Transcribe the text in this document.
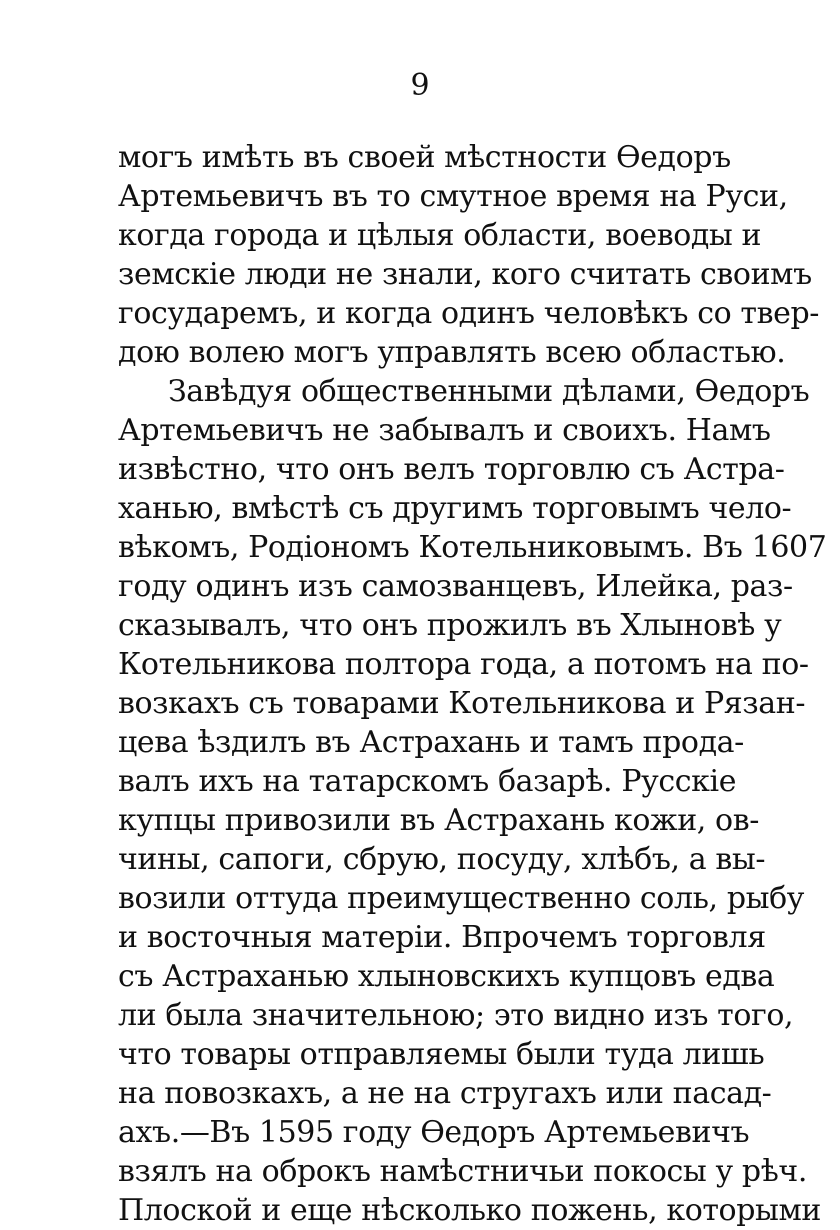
9
могъ имѣть въ своей мѣстности Ѳедоръ
Артемьевичъ въ то смутное время на Руси,
когда города и цѣлыя области, воеводы и
земскіе люди не знали, кого считать своимъ
государемъ, и когда одинъ человѣкъ со твер-
дою волею могъ управлять всею областью.
Завѣдуя общественными дѣлами, Ѳедоръ
Артемьевичъ не забывалъ и своихъ. Намъ
извѣстно, что онъ велъ торговлю съ Астра-
ханью, вмѣстѣ съ другимъ торговымъ чело-
вѣкомъ, Родіономъ Котельниковымъ. Въ 1607
году одинъ изъ самозванцевъ, Илейка, раз-
сказывалъ, что онъ прожилъ въ Хлыновѣ у
Котельникова полтора года, а потомъ на по-
возкахъ съ товарами Котельникова и Рязан-
цева ѣздилъ въ Астрахань и тамъ прода-
валъ ихъ на татарскомъ базарѣ. Русскіе
купцы привозили въ Астрахань кожи, ов-
чины, сапоги, сбрую, посуду, хлѣбъ, а вы-
возили оттуда преимущественно соль, рыбу
и восточныя матеріи. Впрочемъ торговля
съ Астраханью хлыновскихъ купцовъ едва
ли была значительною; это видно изъ того,
что товары отправляемы были туда лишь
на повозкахъ, а не на стругахъ или пасад-
ахъ.—Въ 1595 году Ѳедоръ Артемьевичъ
взялъ на оброкъ намѣстничьи покосы у рѣч.
Плоской и еще нѣсколько пожень, которыми
